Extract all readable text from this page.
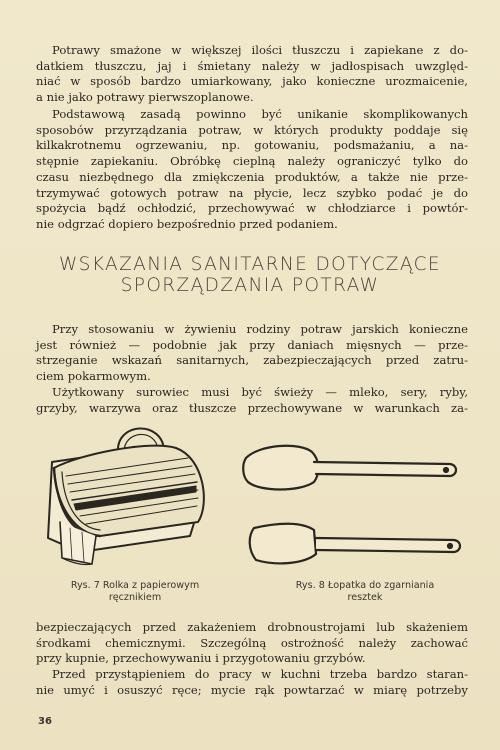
Potrawy smażone w większej ilości tłuszczu i zapiekane z do-
datkiem tłuszczu, jaj i śmietany należy w jadłospisach uwzględ-
niać w sposób bardzo umiarkowany, jako konieczne urozmaicenie,
a nie jako potrawy pierwszoplanowe.

Podstawową zasadą powinno być unikanie skomplikowanych
sposobów przyrządzania potraw, w których produkty poddaje się
kilkakrotnemu ogrzewaniu, np. gotowaniu, podsmażaniu, a na-
stępnie zapiekaniu. Obróbkę cieplną należy ograniczyć tylko do
czasu niezbędnego dla zmiękczenia produktów, a także nie prze-
trzymywać gotowych potraw na płycie, lecz szybko podać je do
spożycia bądź ochłodzić, przechowywać w chłodziarce i powtór-
nie odgrzać dopiero bezpośrednio przed podaniem.

WSKAZANIA SANITARNE DOTYCZĄCE
SPORZĄDZANIA POTRAW

Przy stosowaniu w żywieniu rodziny potraw jarskich konieczne
jest również — podobnie jak przy daniach mięsnych — prze-
strzeganie wskazań sanitarnych, zabezpieczających przed zatru-
ciem pokarmowym.
Użytkowany surowiec musi być świeży — mleko, sery, ryby,
grzyby, warzywa oraz tłuszcze przechowywane w warunkach za-

Rys. 7 Rolka z papierowym
ręcznikiem
Rys. 8 Łopatka do zgarniania
resztek

bezpieczających przed zakażeniem drobnoustrojami lub skażeniem
środkami chemicznymi. Szczególną ostrożność należy zachować
przy kupnie, przechowywaniu i przygotowaniu grzybów.
Przed przystąpieniem do pracy w kuchni trzeba bardzo staran-
nie umyć i osuszyć ręce; mycie rąk powtarzać w miarę potrzeby

36
